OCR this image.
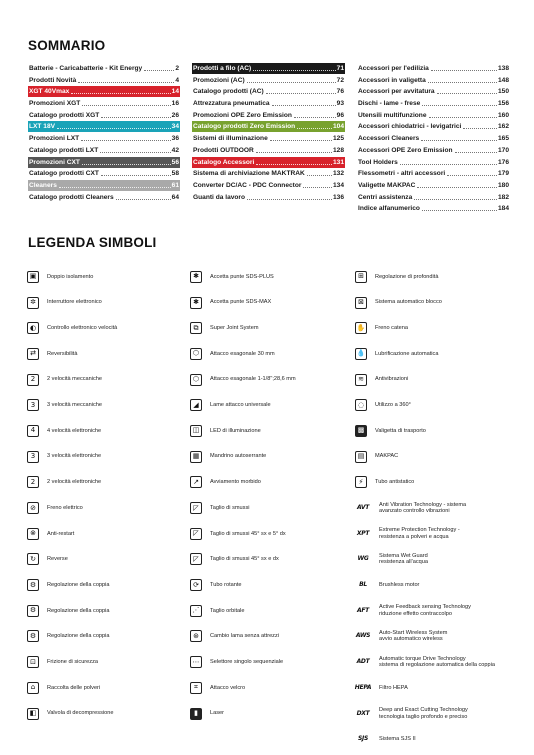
SOMMARIO
Batterie - Caricabatterie - Kit Energy	2
Prodotti Novità	4
XGT 40Vmax	14
Promozioni XGT	16
Catalogo prodotti XGT	26
LXT 18V	34
Promozioni LXT	36
Catalogo prodotti LXT	42
Promozioni CXT	56
Catalogo prodotti CXT	58
Cleaners	61
Catalogo prodotti Cleaners	64
Prodotti a filo (AC)	71
Promozioni (AC)	72
Catalogo prodotti (AC)	76
Attrezzatura pneumatica	93
Promozioni OPE Zero Emission	96
Catalogo prodotti Zero Emission	104
Sistemi di illuminazione	125
Prodotti OUTDOOR	128
Catalogo Accessori	131
Sistema di archiviazione MAKTRAK	132
Converter DC/AC - PDC Connector	134
Guanti da lavoro	136
Accessori per l'edilizia	138
Accessori in valigetta	148
Accessori per avvitatura	150
Dischi - lame - frese	156
Utensili multifunzione	160
Accessori chiodatrici - levigatrici	162
Accessori Cleaners	165
Accessori OPE Zero Emission	170
Tool Holders	176
Flessometri - altri accessori	179
Valigette MAKPAC	180
Centri assistenza	182
Indice alfanumerico	184
LEGENDA SIMBOLI
▣	Doppio isolamento
✲	Interruttore elettronico
◐	Controllo elettronico velocità
⇄	Reversibilità
2	2 velocità meccaniche
3	3 velocità meccaniche
4	4 velocità elettroniche
3	3 velocità elettroniche
2	2 velocità elettroniche
⊘	Freno elettrico
⊗	Anti-restart
↻	Reverse
⚙	Regolazione della coppia
⚙	Regolazione della coppia
⚙	Regolazione della coppia
⊡	Frizione di sicurezza
⌂	Raccolta delle polveri
◧	Valvola di decompressione
✱	Accetta punte SDS-PLUS
✱	Accetta punte SDS-MAX
⧉	Super Joint System
⬡	Attacco esagonale 30 mm
⬡	Attacco esagonale 1-1/8";28,6 mm
◢	Lame attacco universale
◫	LED di illuminazione
▦	Mandrino autoserrante
↗	Avviamento morbido
◸	Taglio di smussi
◸	Taglio di smussi 45° sx e 5° dx
◸	Taglio di smussi 45° sx e dx
⟳	Tubo rotante
⋰	Taglio orbitale
⊛	Cambio lama senza attrezzi
⋯	Selettore singolo sequenziale
⌗	Attacco velcro
▮	Laser
⊞	Regolazione di profondità
⊠	Sistema automatico blocco
✋ Freno catena
💧 Lubrificazione automatica
≋	Antivibrazioni
◌	Utilizzo a 360°
▩	Valigetta di trasporto
▤	MAKPAC
⚡	Tubo antistatico
AVT	Anti Vibration Technology - sistema
avanzato controllo vibrazioni
XPT	Extreme Protection Technology -
resistenza a polveri e acqua
WG	Sistema Wet Guard
resistenza all'acqua
BL	Brushless motor
AFT	Active Feedback sensing Technology
riduzione effetto contraccolpo
AWS Auto-Start Wireless System
avvio automatico wireless
ADT Automatic torque Drive Technology
sistema di regolazione automatica della coppia
HEPA Filtro HEPA
DXT Deep and Exact Cutting Technology
tecnologia taglio profondo e preciso
SJS	Sistema SJS II
